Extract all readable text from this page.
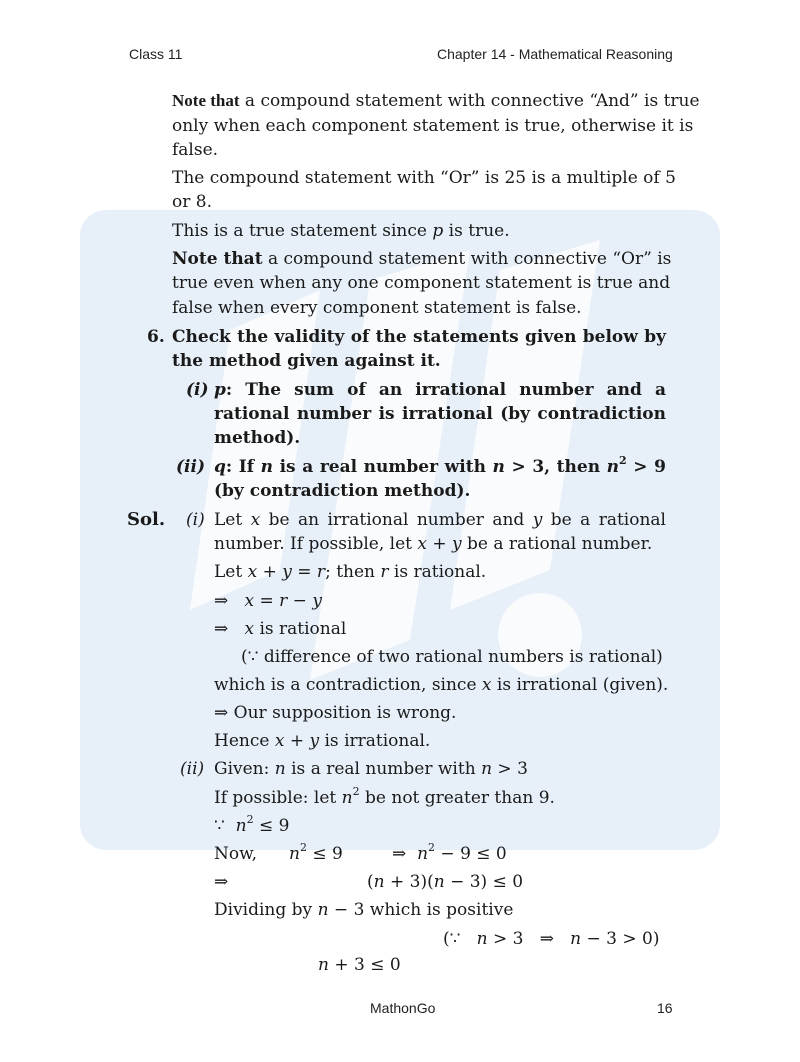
Class 11	Chapter 14 - Mathematical Reasoning
Note that a compound statement with connective “And” is true
only when each component statement is true, otherwise it is
false.
The compound statement with “Or” is 25 is a multiple of 5
or 8.
This is a true statement since p is true.
Note that a compound statement with connective “Or” is
true even when any one component statement is true and
false when every component statement is false.
6. Check the validity of the statements given below by
the method given against it.
(i) p: The sum of an irrational number and a
rational number is irrational (by contradiction
method).
(ii) q: If n is a real number with n > 3, then $n^2 > 9$
(by contradiction method).
Sol. (i) Let x be an irrational number and y be a rational
number. If possible, let x + y be a rational number.
Let x + y = r; then r is rational.
⇒   x = r − y
⇒   x is rational
(∵ difference of two rational numbers is rational)
which is a contradiction, since x is irrational (given).
⇒ Our supposition is wrong.
Hence x + y is irrational.
(ii) Given: n is a real number with n > 3
If possible: let $n^2$ be not greater than 9.
∵  $n^2 \le 9$
Now, $n^2 \le 9$	⇒  $n^2 - 9 \le 0$
⇒	(n + 3)(n − 3) ≤ 0
Dividing by n − 3 which is positive
(∵   n > 3   ⇒   n − 3 > 0)
n + 3 ≤ 0
MathonGo	16
